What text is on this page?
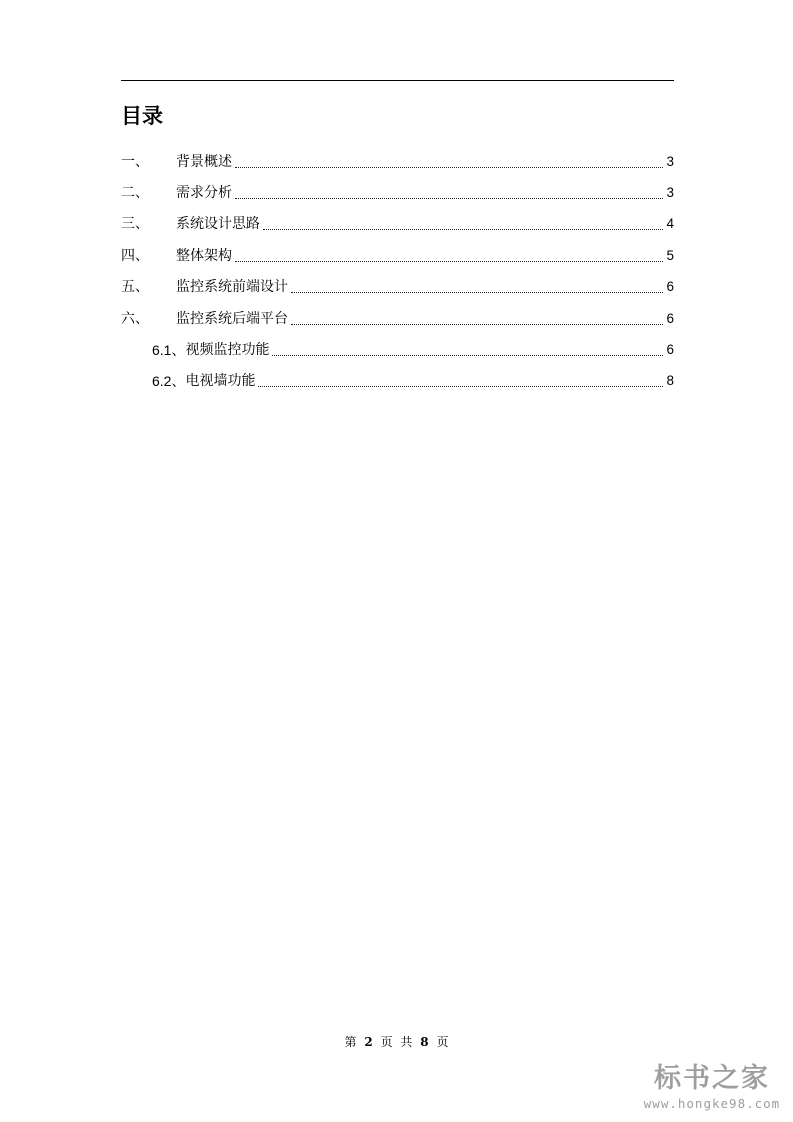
目录
一、	背景概述	3
二、	需求分析	3
三、	系统设计思路	4
四、	整体架构	5
五、	监控系统前端设计	6
六、	监控系统后端平台	6
6.1、 视频监控功能	6
6.2、 电视墙功能	8
第 2 页 共 8 页
标书之家
www.hongke98.com
